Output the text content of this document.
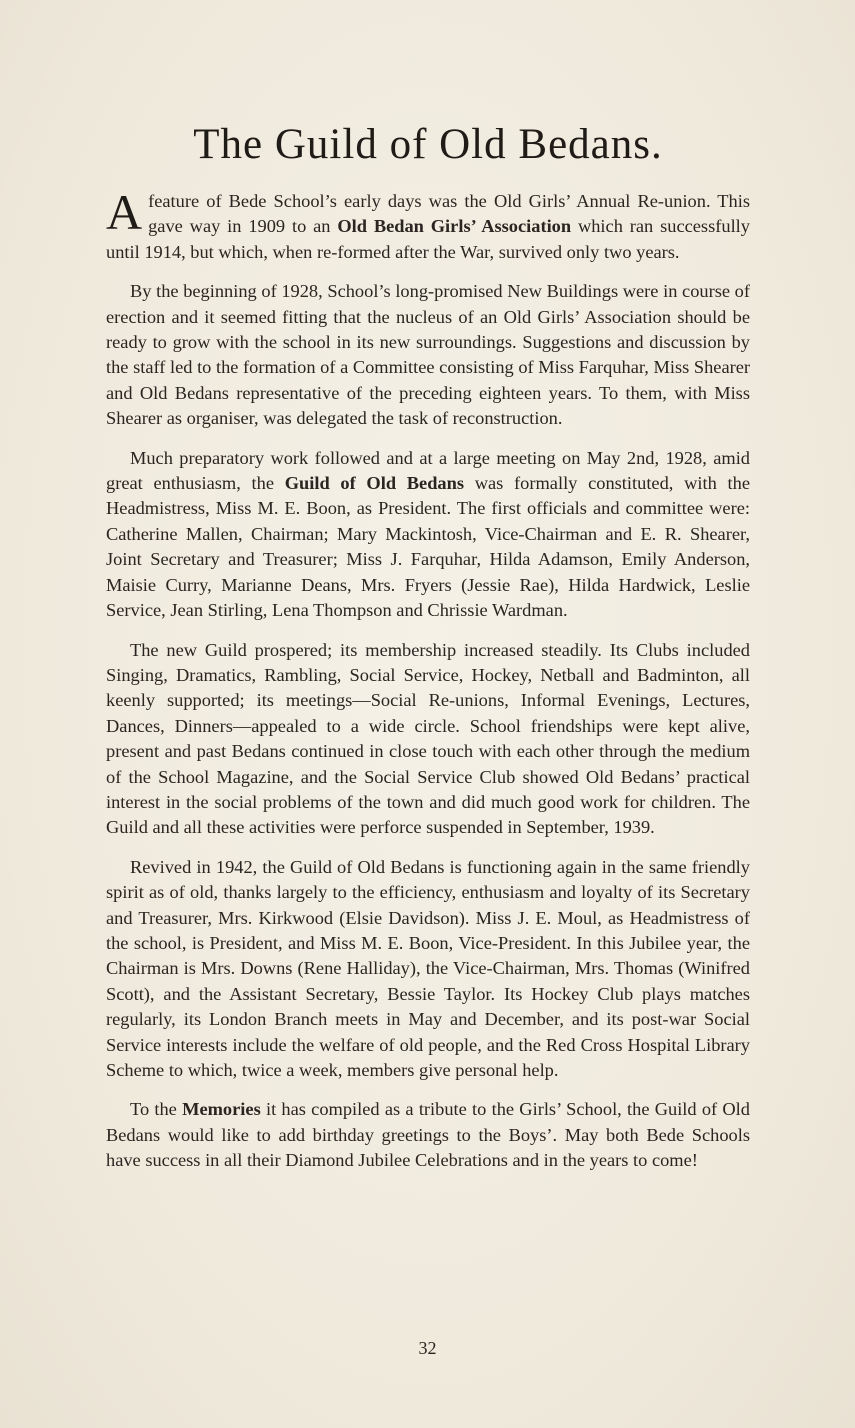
The Guild of Old Bedans.

A feature of Bede School’s early days was the Old Girls’ Annual Re-union. This gave way in 1909 to an Old Bedan Girls’ Association which ran successfully until 1914, but which, when re-formed after the War, survived only two years.

By the beginning of 1928, School’s long-promised New Buildings were in course of erection and it seemed fitting that the nucleus of an Old Girls’ Association should be ready to grow with the school in its new surroundings. Suggestions and discussion by the staff led to the formation of a Committee consisting of Miss Farquhar, Miss Shearer and Old Bedans representative of the preceding eighteen years. To them, with Miss Shearer as organiser, was delegated the task of reconstruction.

Much preparatory work followed and at a large meeting on May 2nd, 1928, amid great enthusiasm, the Guild of Old Bedans was formally constituted, with the Headmistress, Miss M. E. Boon, as President. The first officials and committee were: Catherine Mallen, Chairman; Mary Mackintosh, Vice-Chairman and E. R. Shearer, Joint Secretary and Treasurer; Miss J. Farquhar, Hilda Adamson, Emily Anderson, Maisie Curry, Marianne Deans, Mrs. Fryers (Jessie Rae), Hilda Hardwick, Leslie Service, Jean Stirling, Lena Thompson and Chrissie Wardman.

The new Guild prospered; its membership increased steadily. Its Clubs included Singing, Dramatics, Rambling, Social Service, Hockey, Netball and Badminton, all keenly supported; its meetings—Social Re-unions, Informal Evenings, Lectures, Dances, Dinners—appealed to a wide circle. School friendships were kept alive, present and past Bedans continued in close touch with each other through the medium of the School Magazine, and the Social Service Club showed Old Bedans’ practical interest in the social problems of the town and did much good work for children. The Guild and all these activities were perforce suspended in September, 1939.

Revived in 1942, the Guild of Old Bedans is functioning again in the same friendly spirit as of old, thanks largely to the efficiency, enthusiasm and loyalty of its Secretary and Treasurer, Mrs. Kirkwood (Elsie Davidson). Miss J. E. Moul, as Headmistress of the school, is President, and Miss M. E. Boon, Vice-President. In this Jubilee year, the Chairman is Mrs. Downs (Rene Halliday), the Vice-Chairman, Mrs. Thomas (Winifred Scott), and the Assistant Secretary, Bessie Taylor. Its Hockey Club plays matches regularly, its London Branch meets in May and December, and its post-war Social Service interests include the welfare of old people, and the Red Cross Hospital Library Scheme to which, twice a week, members give personal help.

To the Memories it has compiled as a tribute to the Girls’ School, the Guild of Old Bedans would like to add birthday greetings to the Boys’. May both Bede Schools have success in all their Diamond Jubilee Celebrations and in the years to come!

32
